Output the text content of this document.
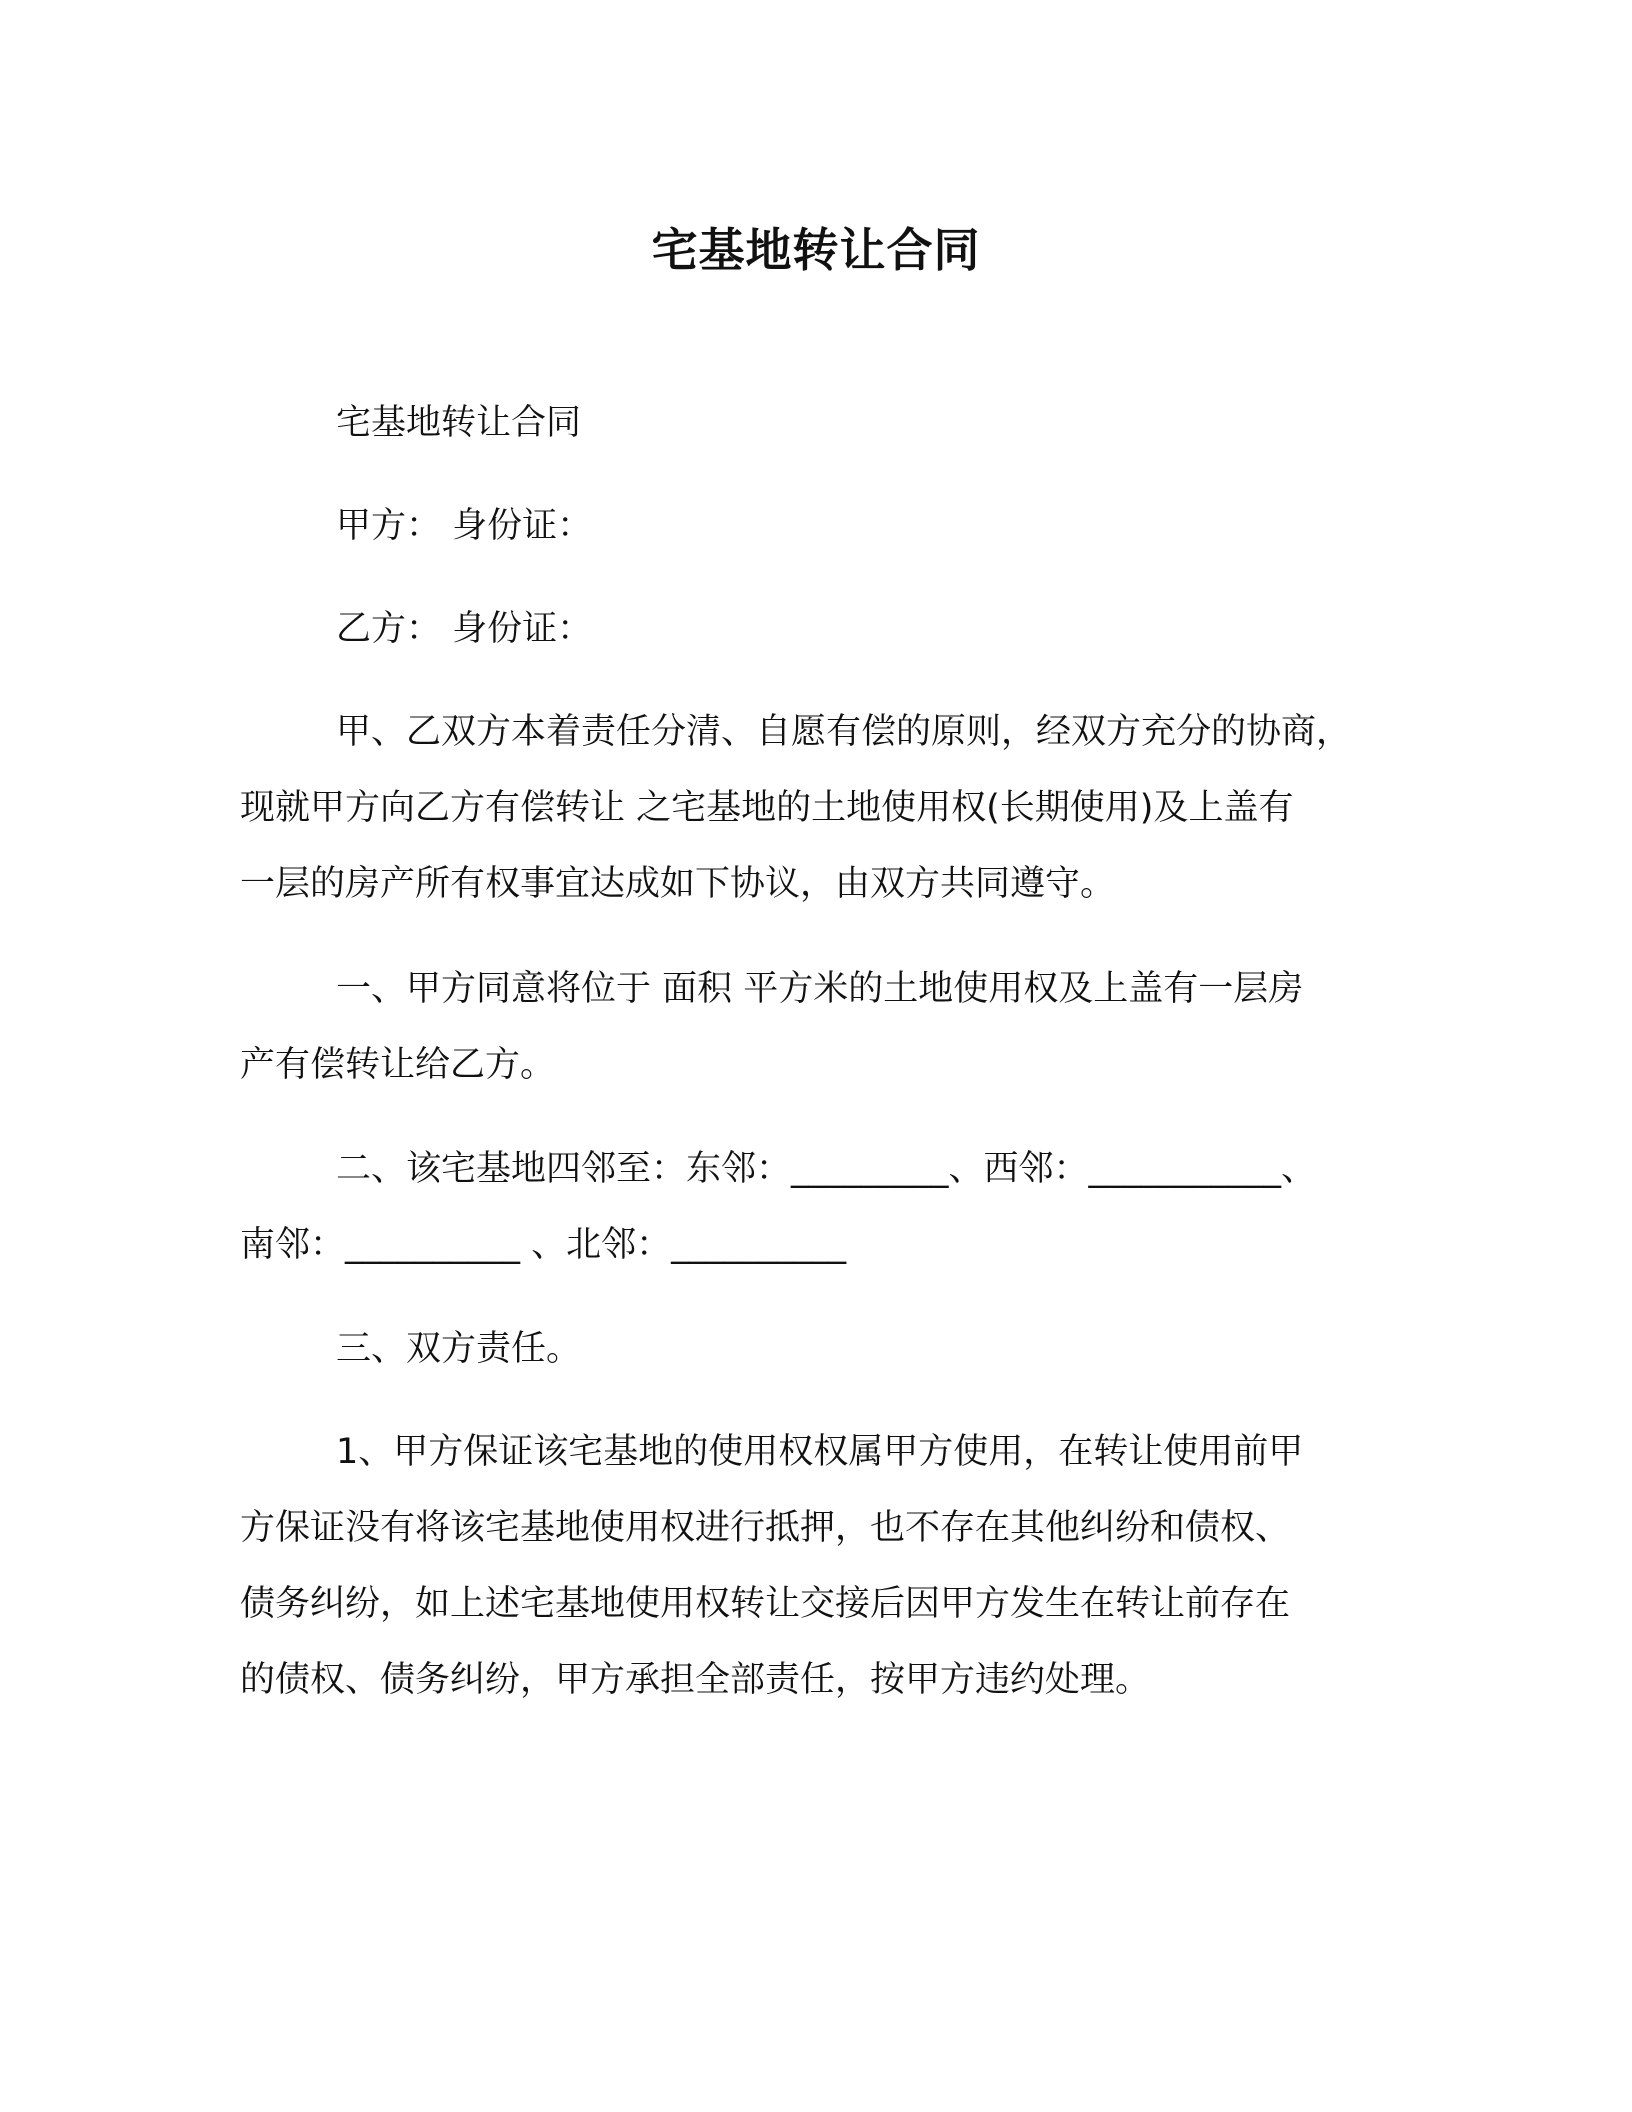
宅基地转让合同
宅基地转让合同
甲方： 身份证：
乙方： 身份证：
甲、乙双方本着责任分清、自愿有偿的原则，经双方充分的协商，
现就甲方向乙方有偿转让 之宅基地的土地使用权(长期使用)及上盖有
一层的房产所有权事宜达成如下协议，由双方共同遵守。
一、甲方同意将位于 面积 平方米的土地使用权及上盖有一层房
产有偿转让给乙方。
二、该宅基地四邻至：东邻：_________、西邻：___________、
南邻：__________ 、北邻：__________
三、双方责任。
1、甲方保证该宅基地的使用权权属甲方使用，在转让使用前甲
方保证没有将该宅基地使用权进行抵押，也不存在其他纠纷和债权、
债务纠纷，如上述宅基地使用权转让交接后因甲方发生在转让前存在
的债权、债务纠纷，甲方承担全部责任，按甲方违约处理。
